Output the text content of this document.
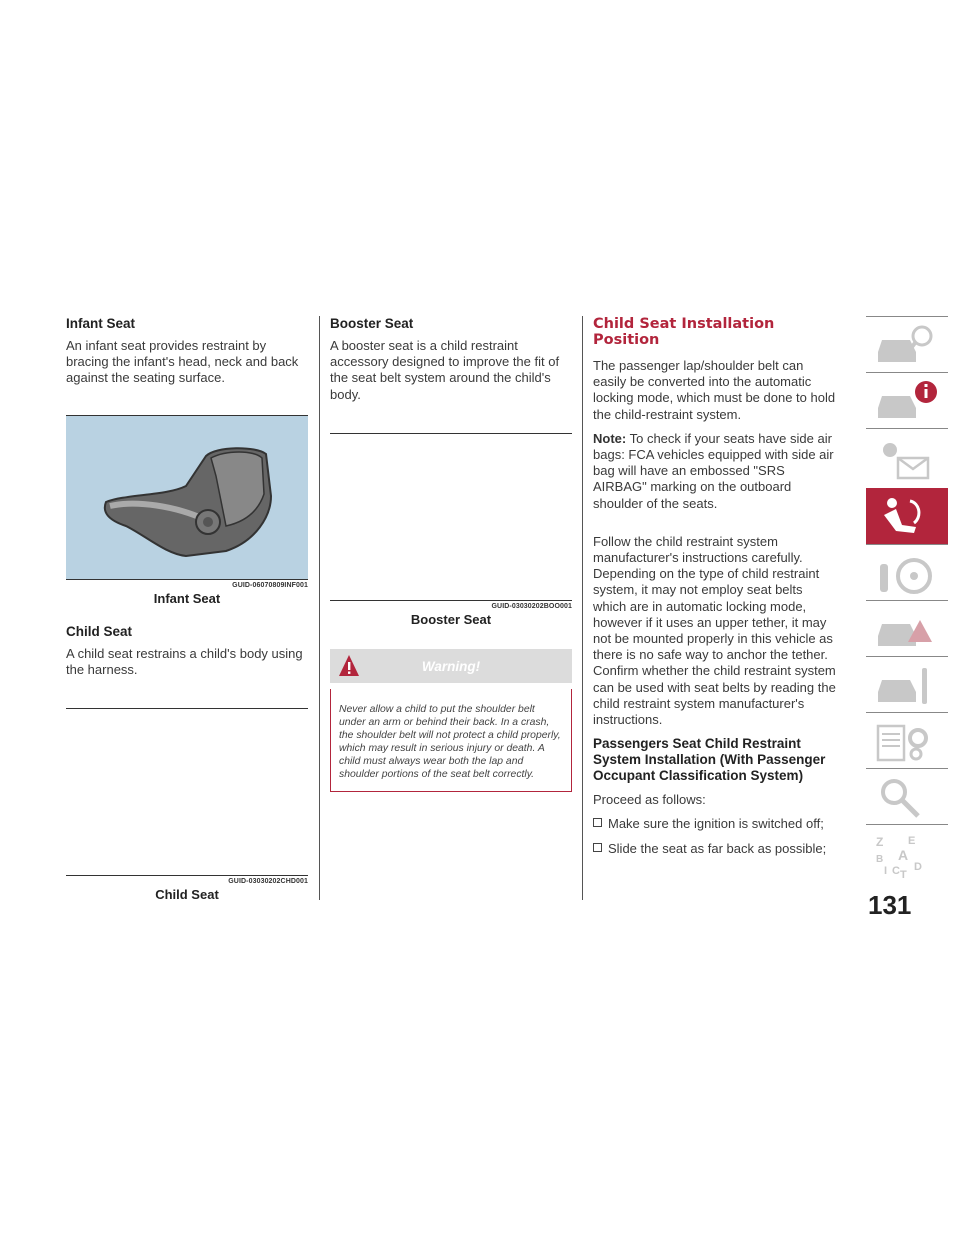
Infant Seat

An infant seat provides restraint by bracing the infant's head, neck and back against the seating surface.

GUID-06070809INF001
Infant Seat

Child Seat

A child seat restrains a child's body using the harness.

GUID-03030202CHD001
Child Seat

Booster Seat

A booster seat is a child restraint accessory designed to improve the fit of the seat belt system around the child's body.

GUID-03030202BOO001
Booster Seat
Warning!

Never allow a child to put the shoulder belt under an arm or behind their back. In a crash, the shoulder belt will not protect a child properly, which may result in serious injury or death. A child must always wear both the lap and shoulder portions of the seat belt correctly.

Child Seat Installation Position

The passenger lap/shoulder belt can easily be converted into the automatic locking mode, which must be done to hold the child-restraint system.

Note: To check if your seats have side air bags: FCA vehicles equipped with side air bag will have an embossed "SRS AIRBAG" marking on the outboard shoulder of the seats.

Follow the child restraint system manufacturer's instructions carefully. Depending on the type of child restraint system, it may not employ seat belts which are in automatic locking mode, however if it uses an upper tether, it may not be mounted properly in this vehicle as there is no safe way to anchor the tether. Confirm whether the child restraint system can be used with seat belts by reading the child restraint system manufacturer's instructions.

Passengers Seat Child Restraint System Installation (With Passenger Occupant Classification System)

Proceed as follows:

Make sure the ignition is switched off;

Slide the seat as far back as possible;	Z E
A
B
I C T
D
131
